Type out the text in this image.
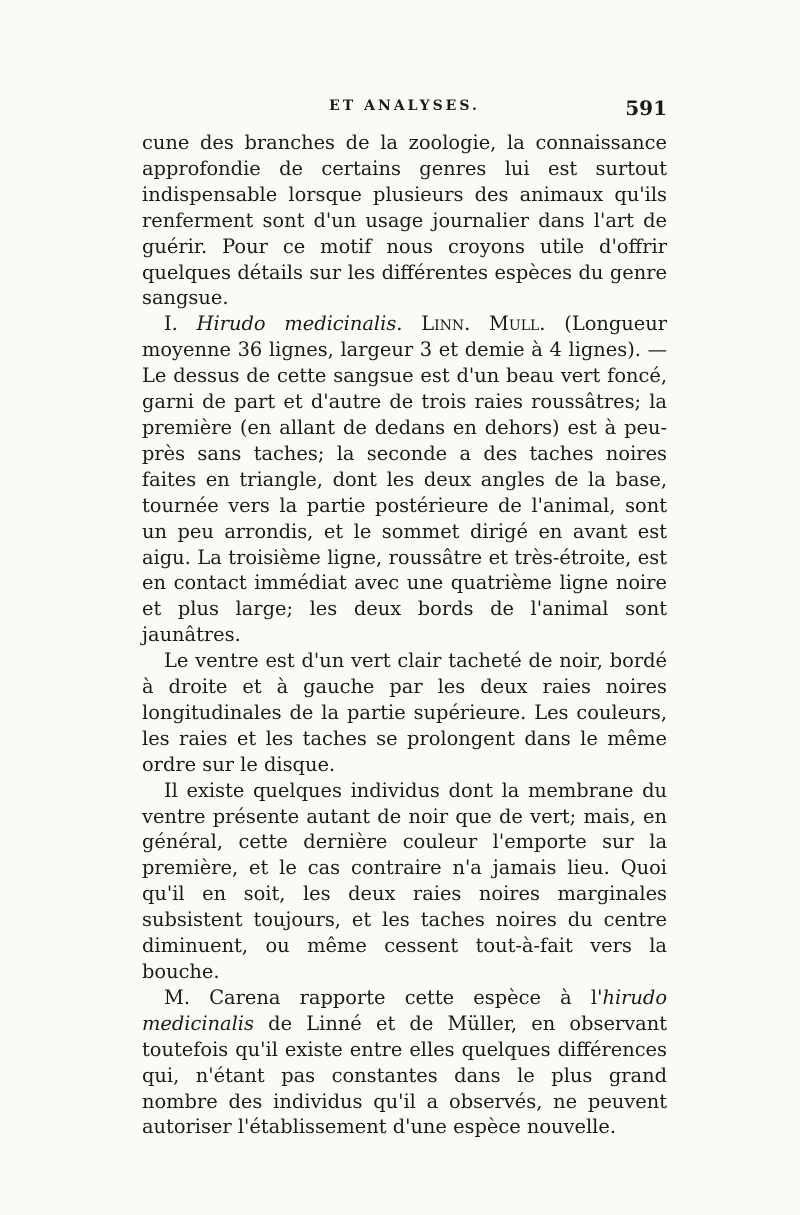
ET ANALYSES.	591

cune des branches de la zoologie, la connaissance approfondie de certains genres lui est surtout indispensable lorsque plusieurs des animaux qu'ils renferment sont d'un usage journalier dans l'art de guérir. Pour ce motif nous croyons utile d'offrir quelques détails sur les différentes espèces du genre sangsue.

I. Hirudo medicinalis. Linn. Mull. (Longueur moyenne 36 lignes, largeur 3 et demie à 4 lignes). — Le dessus de cette sangsue est d'un beau vert foncé, garni de part et d'autre de trois raies roussâtres; la première (en allant de dedans en dehors) est à peu-près sans taches; la seconde a des taches noires faites en triangle, dont les deux angles de la base, tournée vers la partie postérieure de l'animal, sont un peu arrondis, et le sommet dirigé en avant est aigu. La troisième ligne, roussâtre et très-étroite, est en contact immédiat avec une quatrième ligne noire et plus large; les deux bords de l'animal sont jaunâtres.

Le ventre est d'un vert clair tacheté de noir, bordé à droite et à gauche par les deux raies noires longitudinales de la partie supérieure. Les couleurs, les raies et les taches se prolongent dans le même ordre sur le disque.

Il existe quelques individus dont la membrane du ventre présente autant de noir que de vert; mais, en général, cette dernière couleur l'emporte sur la première, et le cas contraire n'a jamais lieu. Quoi qu'il en soit, les deux raies noires marginales subsistent toujours, et les taches noires du centre diminuent, ou même cessent tout-à-fait vers la bouche.

M. Carena rapporte cette espèce à l'hirudo medicinalis de Linné et de Müller, en observant toutefois qu'il existe entre elles quelques différences qui, n'étant pas constantes dans le plus grand nombre des individus qu'il a observés, ne peuvent autoriser l'établissement d'une espèce nouvelle.
